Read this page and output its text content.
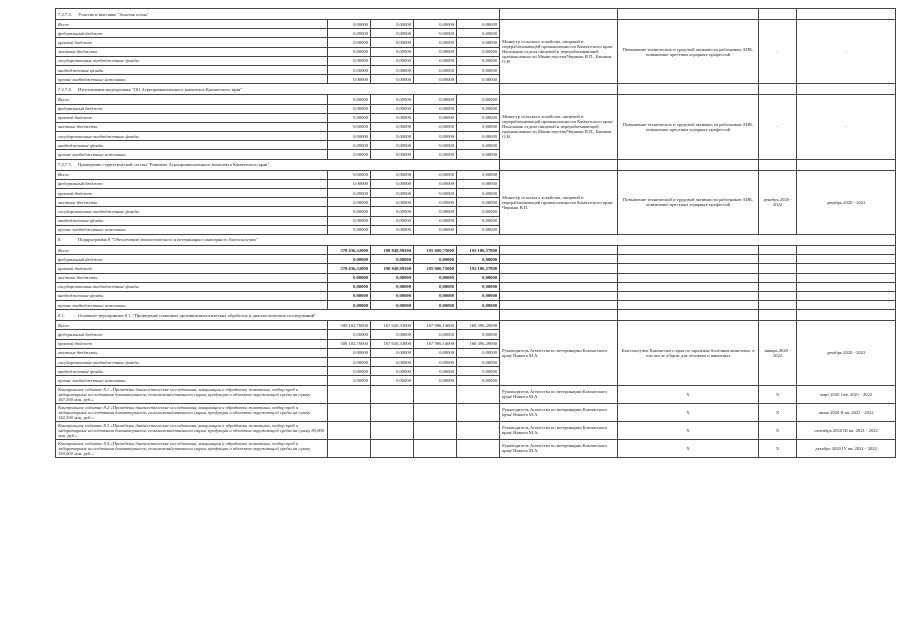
7.2.7.3. Участие в выставке "Золотая осень"								
Всего	0,00000	0,00000	0,00000	0,00000	Министр сельского хозяйства, пищевой и перерабатывающей промышленности Камчатского края/Начальник отдела пищевой и перерабатывающей промышленности Министерства/Черныш В.П., Бакшин О.Н.	Повышение технических и трудовой активности работников АПК, повышение престижа аграрных профессий	-	-
федеральный бюджет	0,00000	0,00000	0,00000	0,00000				
краевой бюджет	0,00000	0,00000	0,00000	0,00000				
местные бюджеты	0,00000	0,00000	0,00000	0,00000				
государственные внебюджетные фонды	0,00000	0,00000	0,00000	0,00000				
внебюджетные фонды	0,00000	0,00000	0,00000	0,00000				
прочие внебюджетные источники	0,00000	0,00000	0,00000	0,00000				
7.2.7.4. Изготовление видеоролика "ОО Агропромышленного комплекса Камчатского края"								
Всего	0,00000	0,00000	0,00000	0,00000	Министр сельского хозяйства, пищевой и перерабатывающей промышленности Камчатского края/Начальник отдела пищевой и перерабатывающей промышленности Министерства/Черныш В.П., Бакшин О.Н.	Повышение технических и трудовой активности работников АПК, повышение престижа аграрных профессий	-	-
федеральный бюджет	0,00000	0,00000	0,00000	0,00000				
краевой бюджет	0,00000	0,00000	0,00000	0,00000				
местные бюджеты	0,00000	0,00000	0,00000	0,00000				
государственные внебюджетные фонды	0,00000	0,00000	0,00000	0,00000				
внебюджетные фонды	0,00000	0,00000	0,00000	0,00000				
прочие внебюджетные источники	0,00000	0,00000	0,00000	0,00000				
7.2.7.5. Проведение стратегической сессии "Развитие Агропромышленного комплекса Камчатского края"								
Всего	0,00000	0,00000	0,00000	0,00000	Министр сельского хозяйства, пищевой и перерабатывающей промышленности Камчатского края/Черныш В.П.	Повышение технической и трудовой активности работников АПК, повышение престижа аграрных профессий	декабрь 2020 - 2022	декабрь 2020 - 2022
федеральный бюджет	0,00000	0,00000	0,00000	0,00000				
краевой бюджет	0,00000	0,00000	0,00000	0,00000				
местные бюджеты	0,00000	0,00000	0,00000	0,00000				
государственные внебюджетные фонды	0,00000	0,00000	0,00000	0,00000				
внебюджетные фонды	0,00000	0,00000	0,00000	0,00000				
прочие внебюджетные источники	0,00000	0,00000	0,00000	0,00000				
8. Подпрограмма 8 "Обеспечение эпизоотического и ветеринарно-санитарного благополучия"								
Всего	578 636,32000	190 848,99200	195 600,75000	192 186,57800				
федеральный бюджет	0,00000	0,00000	0,00000	0,00000				
краевой бюджет	578 636,32000	190 848,99200	195 600,75000	192 186,57800				
местные бюджеты	0,00000	0,00000	0,00000	0,00000				
государственные внебюджетные фонды	0,00000	0,00000	0,00000	0,00000				
внебюджетные фонды	0,00000	0,00000	0,00000	0,00000				
прочие внебюджетные источники	0,00000	0,00000	0,00000	0,00000				
8.1. Основное мероприятие 8.1. "Проведение плановых противоэпизоотических обработок и диагностических исследований"								
Всего	500 182,76000	167 630,33000	167 986,14000	168 396,29000	Руководитель Агентства по ветеринарии Камчатского края/ Никита М.А.	Благополучие Камчатского края по заразным болезням животных, в том числе общим для человека и животных	январь 2020 - 2022	декабрь 2020 - 2022
федеральный бюджет	0,00000	0,00000	0,00000	0,00000				
краевой бюджет	500 182,76000	167 630,33000	167 986,14000	168 396,29000				
местные бюджеты	0,00000	0,00000	0,00000	0,00000				
государственные внебюджетные фонды	0,00000	0,00000	0,00000	0,00000				
внебюджетные фонды	0,00000	0,00000	0,00000	0,00000				
прочие внебюджетные источники	0,00000	0,00000	0,00000	0,00000				
Контрольное событие 8.1 «Проведены диагностические исследования, вакцинации и обработки животных, отбор проб и лабораторные исследования биоматериалов, сельскохозяйственного сырья, продукции и объектов окружающей среды на сумму 167,300 млн. руб.»					Руководитель Агентства по ветеринарии Камчатского края/ Никита М.А.	X	X	март 2020 I кв. 2021 - 2022
Контрольное событие 8.2 «Проведены диагностические исследования, вакцинации и обработки животных, отбор проб и лабораторные исследования биоматериалов, сельскохозяйственного сырья, продукции и объектов окружающей среды на сумму 142,300 млн. руб.»					Руководитель Агентства по ветеринарии Камчатского края/ Никита М.А.	X	X	июнь 2020 II кв. 2021 - 2022
Контрольное событие 8.3 «Проведены диагностические исследования, вакцинации и обработки животных, отбор проб и лабораторные исследования биоматериалов, сельскохозяйственного сырья, продукции и объектов окружающей среды на сумму 83,800 млн. руб.»					Руководитель Агентства по ветеринарии Камчатского края/ Никита М.А.	X	X	сентябрь 2020 III кв. 2021 - 2022
Контрольное событие 8.4 «Проведены диагностические исследования, вакцинации и обработки животных, отбор проб и лабораторные исследования биоматериалов, сельскохозяйственного сырья, продукции и объектов окружающей среды на сумму 150,000 млн. руб.»					Руководитель Агентства по ветеринарии Камчатского края/ Никита М.А.	X	X	декабрь 2020 IV кв. 2021 - 2022
